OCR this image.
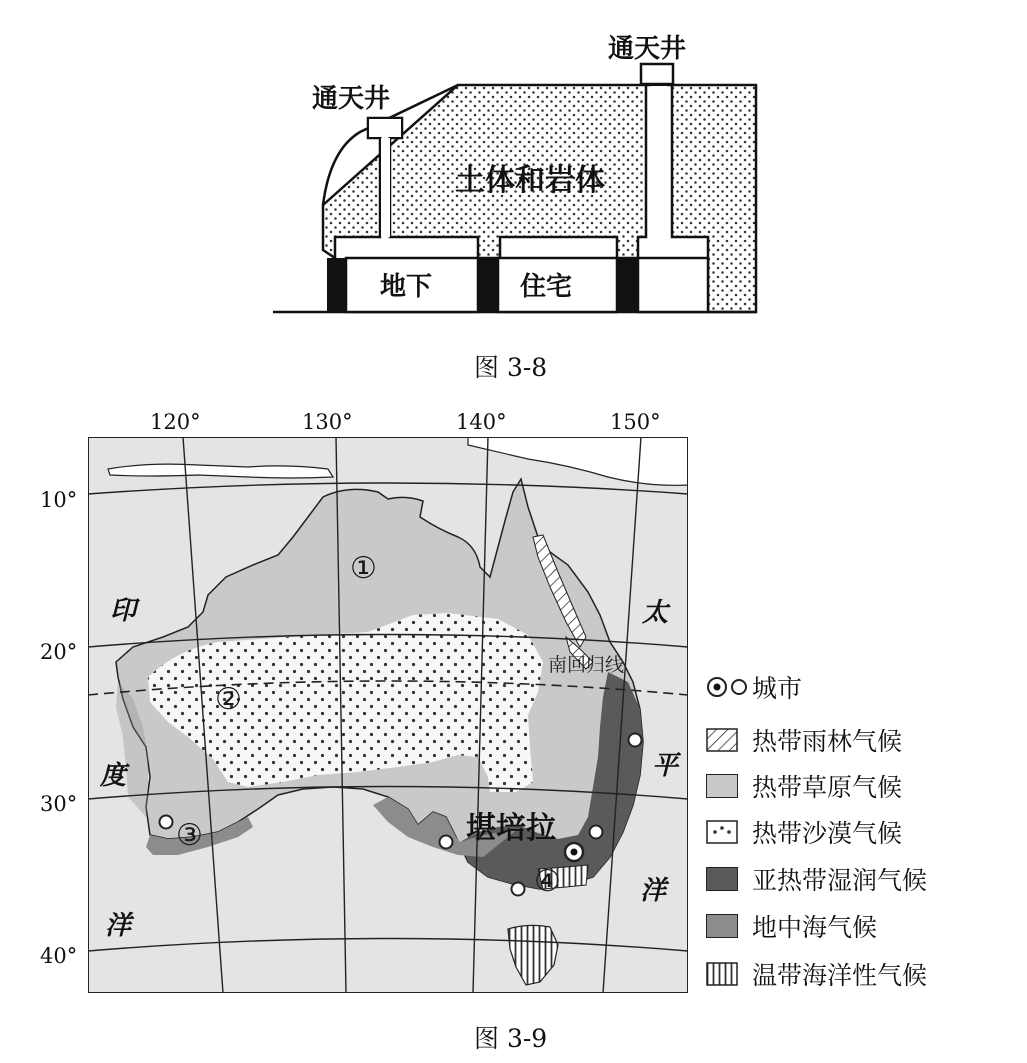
通天井
通天井
土体和岩体
地下	住宅
图 3-8
120°	130°	140°	150°
10°
20°
30°
40°
印
度
洋
太
平
洋
南回归线
堪培拉
①
②
③
④
城市
热带雨林气候
热带草原气候
热带沙漠气候
亚热带湿润气候
地中海气候
温带海洋性气候
图 3-9
